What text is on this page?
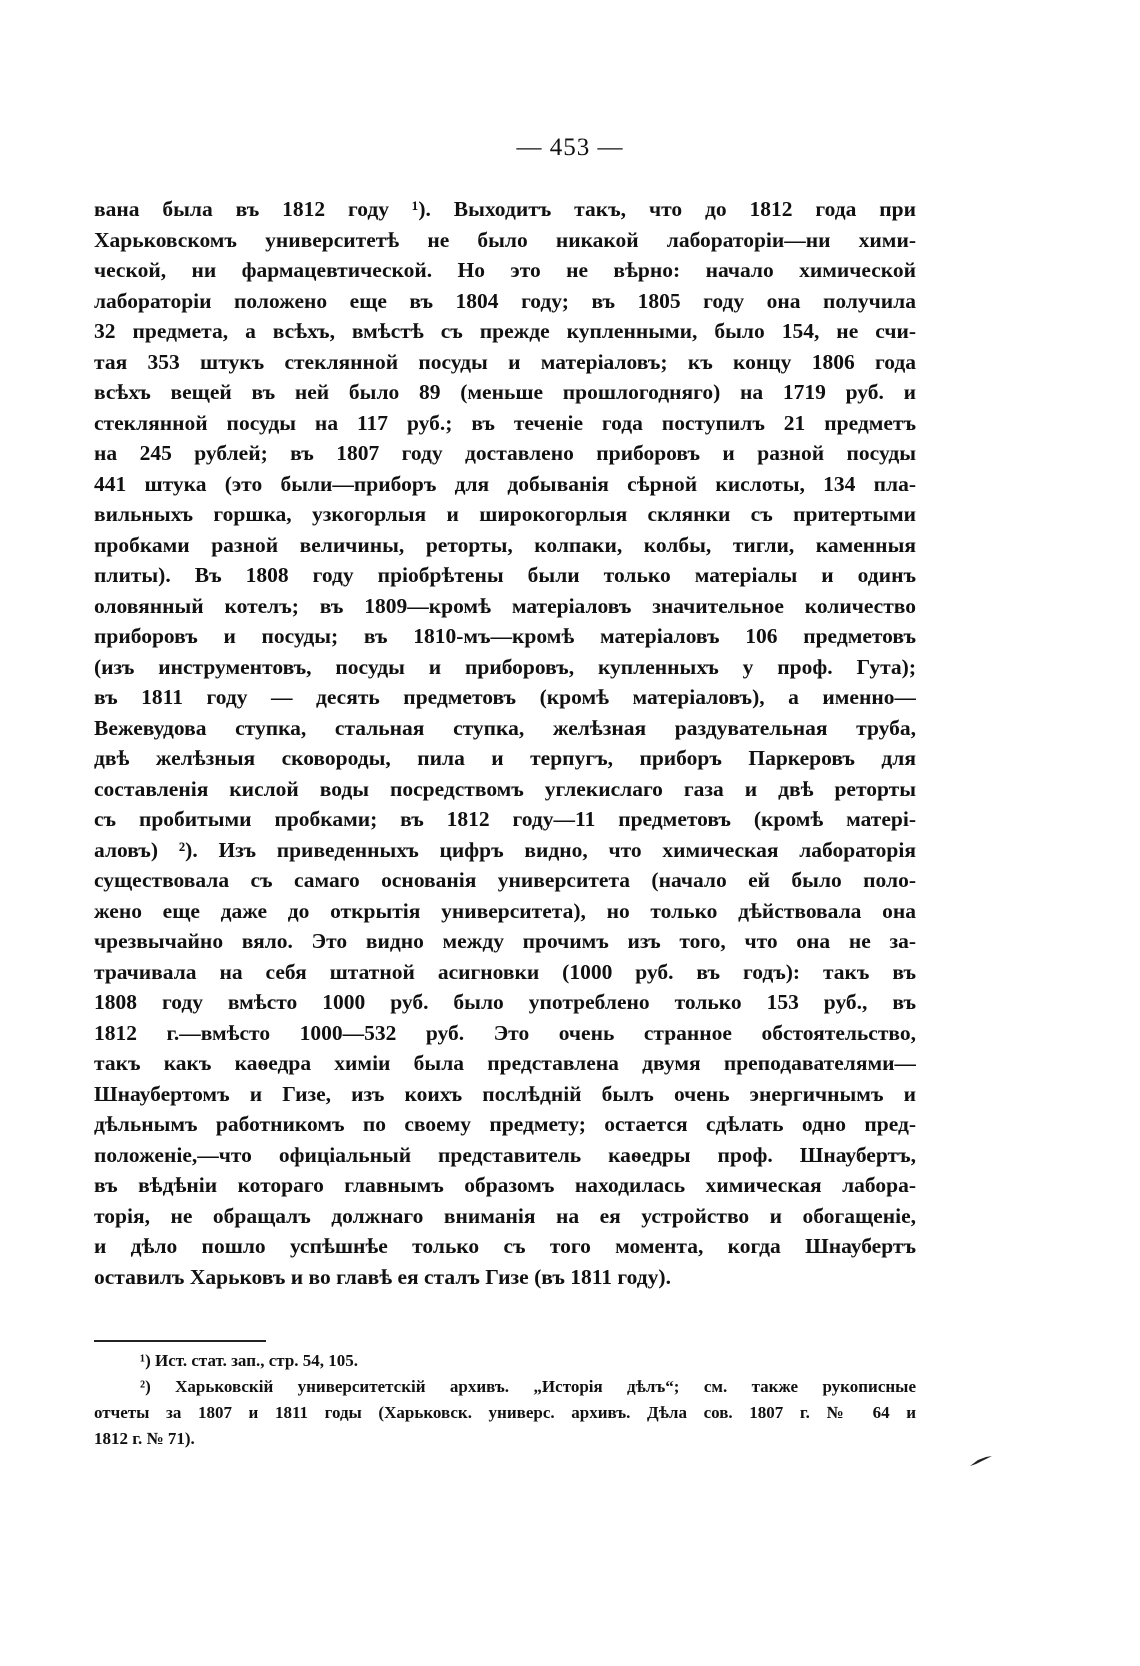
— 453 —
вана была въ 1812 году ¹). Выходитъ такъ, что до 1812 года при
Харьковскомъ университетѣ не было никакой лабораторіи—ни хими-
ческой, ни фармацевтической. Но это не вѣрно: начало химической
лабораторіи положено еще въ 1804 году; въ 1805 году она получила
32 предмета, а всѣхъ, вмѣстѣ съ прежде купленными, было 154, не счи-
тая 353 штукъ стеклянной посуды и матеріаловъ; къ концу 1806 года
всѣхъ вещей въ ней было 89 (меньше прошлогодняго) на 1719 руб. и
стеклянной посуды на 117 руб.; въ теченіе года поступилъ 21 предметъ
на 245 рублей; въ 1807 году доставлено приборовъ и разной посуды
441 штука (это были—приборъ для добыванія сѣрной кислоты, 134 пла-
вильныхъ горшка, узкогорлыя и широкогорлыя склянки съ притертыми
пробками разной величины, реторты, колпаки, колбы, тигли, каменныя
плиты). Въ 1808 году пріобрѣтены были только матеріалы и одинъ
оловянный котелъ; въ 1809—кромѣ матеріаловъ значительное количество
приборовъ и посуды; въ 1810-мъ—кромѣ матеріаловъ 106 предметовъ
(изъ инструментовъ, посуды и приборовъ, купленныхъ у проф. Гута);
въ 1811 году — десять предметовъ (кромѣ матеріаловъ), а именно—
Вежевудова ступка, стальная ступка, желѣзная раздувательная труба,
двѣ желѣзныя сковороды, пила и терпугъ, приборъ Паркеровъ для
составленія кислой воды посредствомъ углекислаго газа и двѣ реторты
съ пробитыми пробками; въ 1812 году—11 предметовъ (кромѣ матері-
аловъ) ²). Изъ приведенныхъ цифръ видно, что химическая лабораторія
существовала съ самаго основанія университета (начало ей было поло-
жено еще даже до открытія университета), но только дѣйствовала она
чрезвычайно вяло. Это видно между прочимъ изъ того, что она не за-
трачивала на себя штатной асигновки (1000 руб. въ годъ): такъ въ
1808 году вмѣсто 1000 руб. было употреблено только 153 руб., въ
1812 г.—вмѣсто 1000—532 руб. Это очень странное обстоятельство,
такъ какъ каѳедра химіи была представлена двумя преподавателями—
Шнаубертомъ и Гизе, изъ коихъ послѣдній былъ очень энергичнымъ и
дѣльнымъ работникомъ по своему предмету; остается сдѣлать одно пред-
положеніе,—что офиціальный представитель каѳедры проф. Шнаубертъ,
въ вѣдѣніи котораго главнымъ образомъ находилась химическая лабора-
торія, не обращалъ должнаго вниманія на ея устройство и обогащеніе,
и дѣло пошло успѣшнѣе только съ того момента, когда Шнаубертъ
оставилъ Харьковъ и во главѣ ея сталъ Гизе (въ 1811 году).
¹) Ист. стат. зап., стр. 54, 105.
²) Харьковскій университетскій архивъ. „Исторія дѣлъ“; см. также рукописные
отчеты за 1807 и 1811 годы (Харьковск. универс. архивъ. Дѣла сов. 1807 г. № 64 и
1812 г. № 71).
